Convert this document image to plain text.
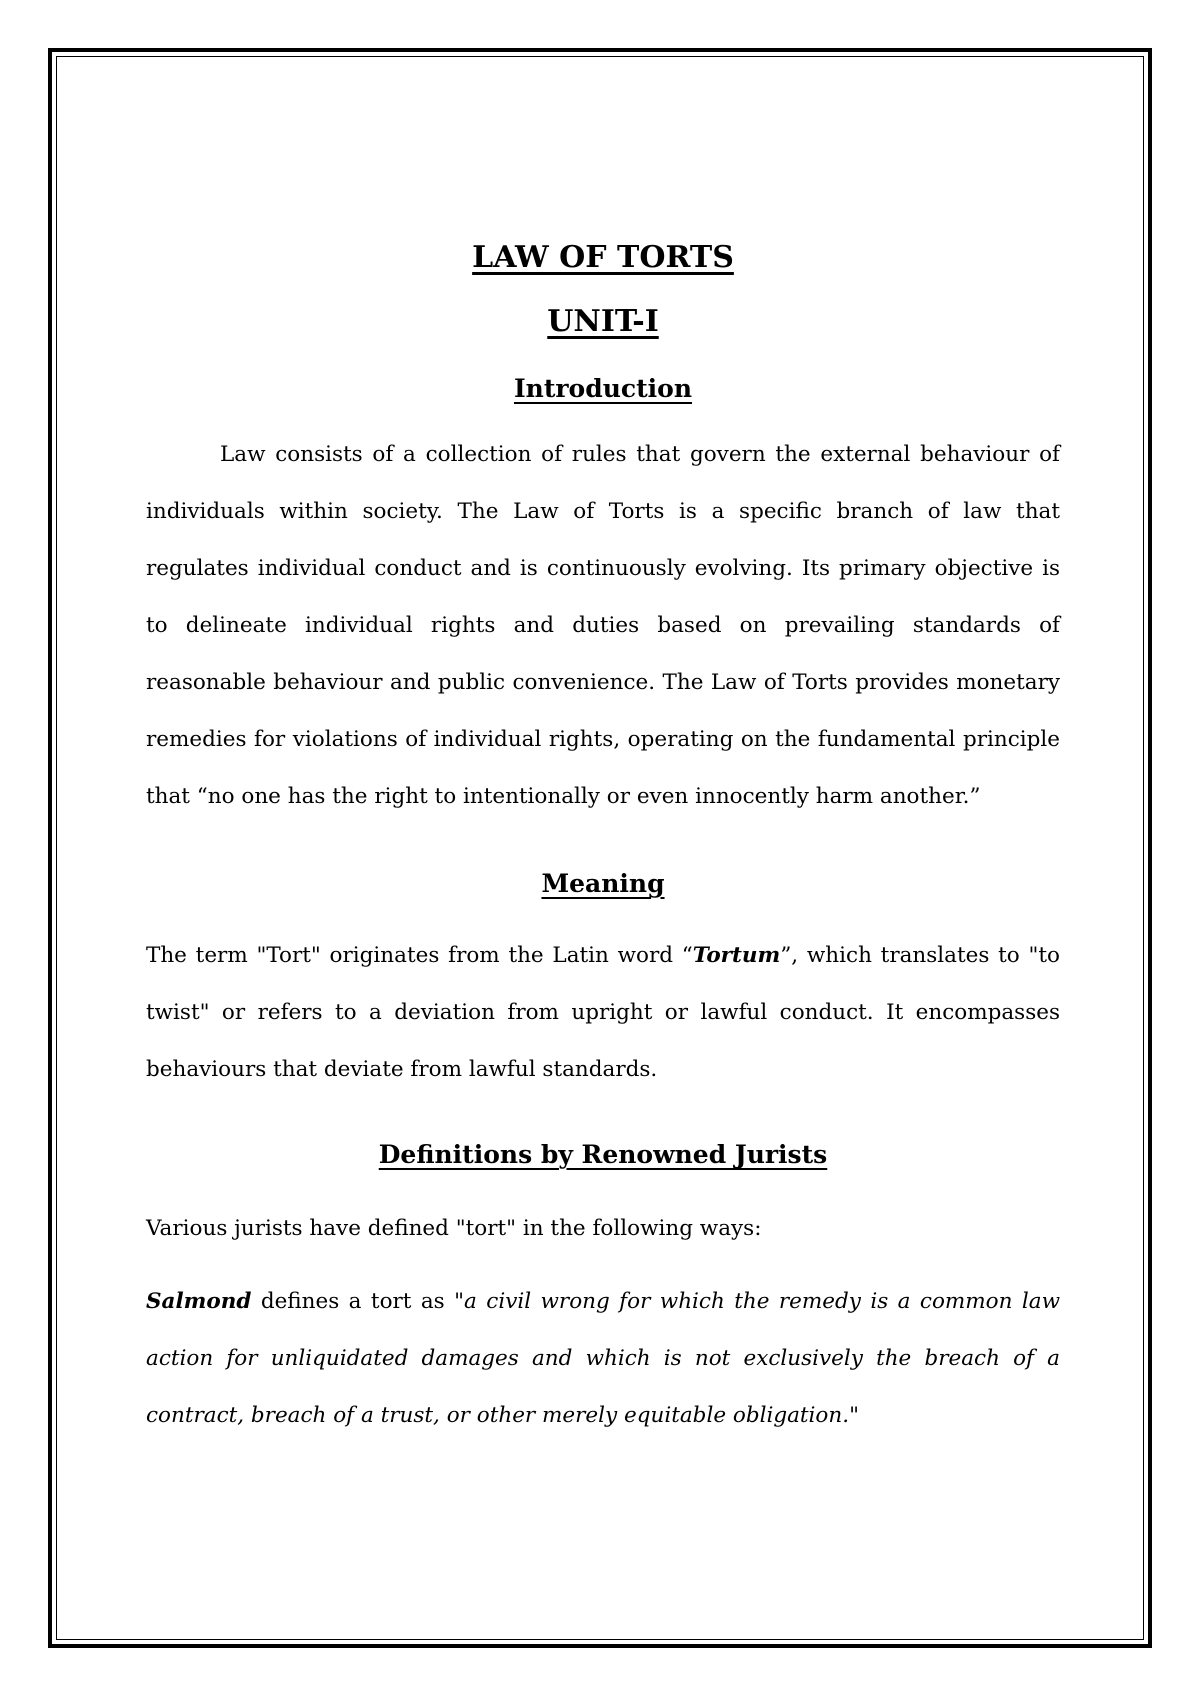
LAW OF TORTS
UNIT-I
Introduction

Law consists of a collection of rules that govern the external behaviour of individuals within society. The Law of Torts is a specific branch of law that regulates individual conduct and is continuously evolving. Its primary objective is to delineate individual rights and duties based on prevailing standards of reasonable behaviour and public convenience. The Law of Torts provides monetary remedies for violations of individual rights, operating on the fundamental principle that “no one has the right to intentionally or even innocently harm another.”

Meaning

The term "Tort" originates from the Latin word “Tortum”, which translates to "to twist" or refers to a deviation from upright or lawful conduct. It encompasses behaviours that deviate from lawful standards.

Definitions by Renowned Jurists

Various jurists have defined "tort" in the following ways:

Salmond defines a tort as "a civil wrong for which the remedy is a common law action for unliquidated damages and which is not exclusively the breach of a contract, breach of a trust, or other merely equitable obligation."
